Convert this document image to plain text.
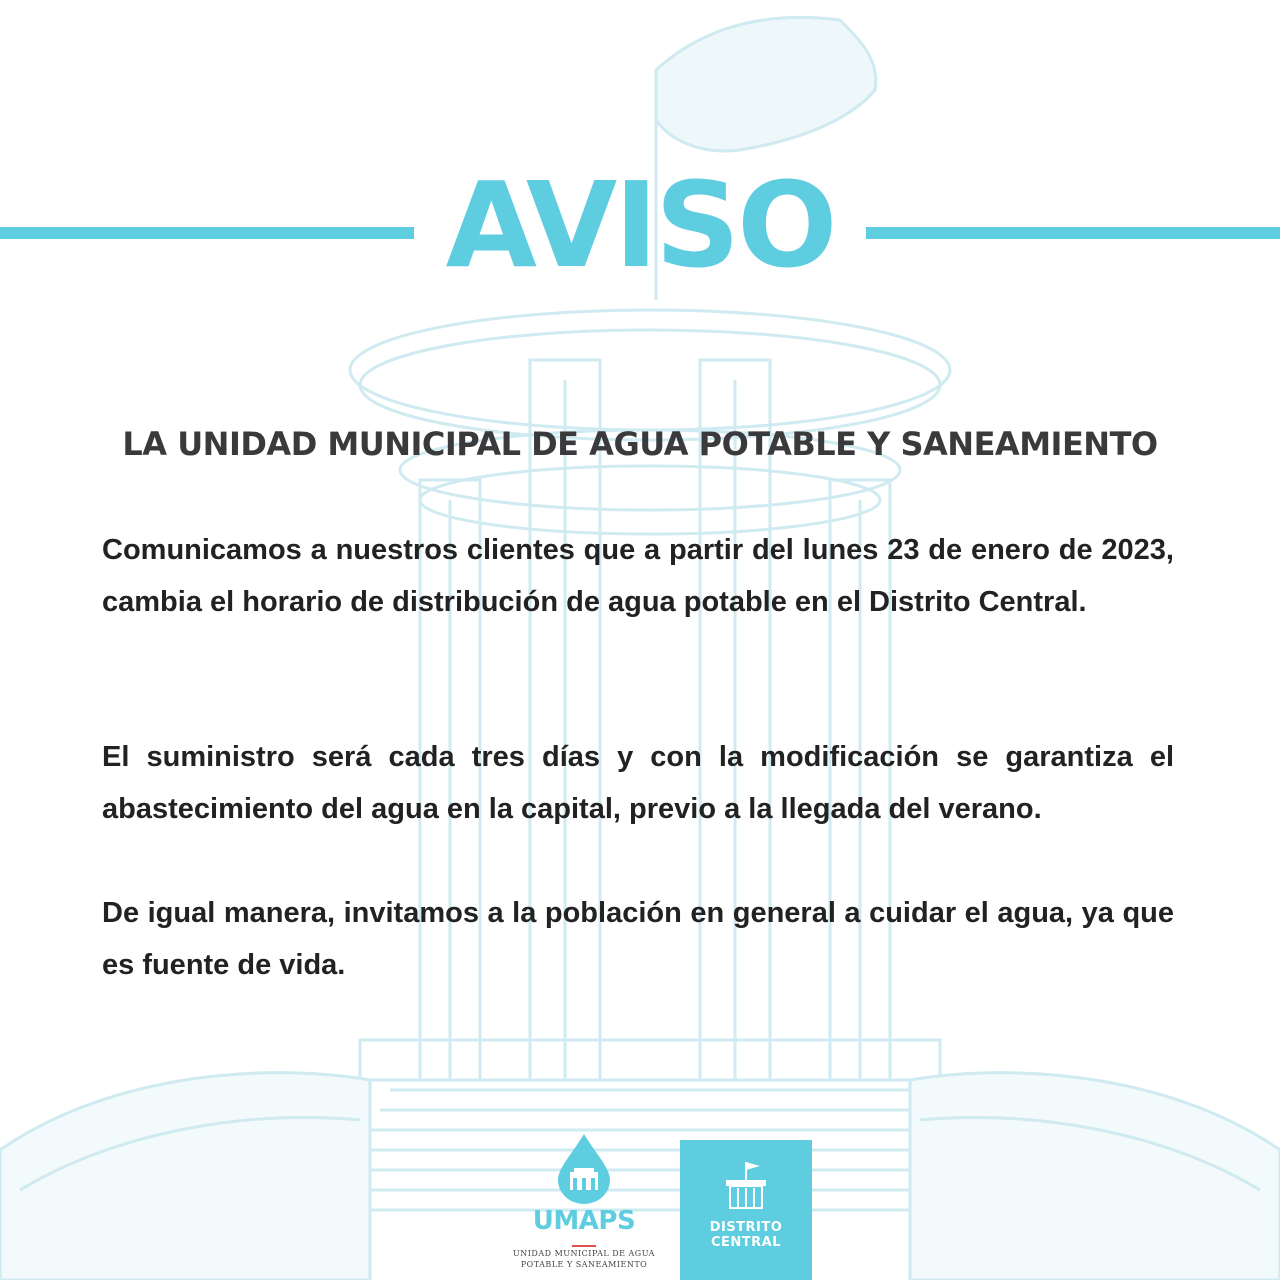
AVISO
LA UNIDAD MUNICIPAL DE AGUA POTABLE Y SANEAMIENTO

Comunicamos a nuestros clientes que a partir del lunes 23 de enero de 2023, cambia el horario de distribución de agua potable en el Distrito Central.

El suministro será cada tres días y con la modificación se garantiza el abastecimiento del agua en la capital, previo a la llegada del verano.

De igual manera, invitamos a la población en general a cuidar el agua, ya que es fuente de vida.

UMAPS
UNIDAD MUNICIPAL DE AGUA
POTABLE Y SANEAMIENTO
DISTRITO
CENTRAL
